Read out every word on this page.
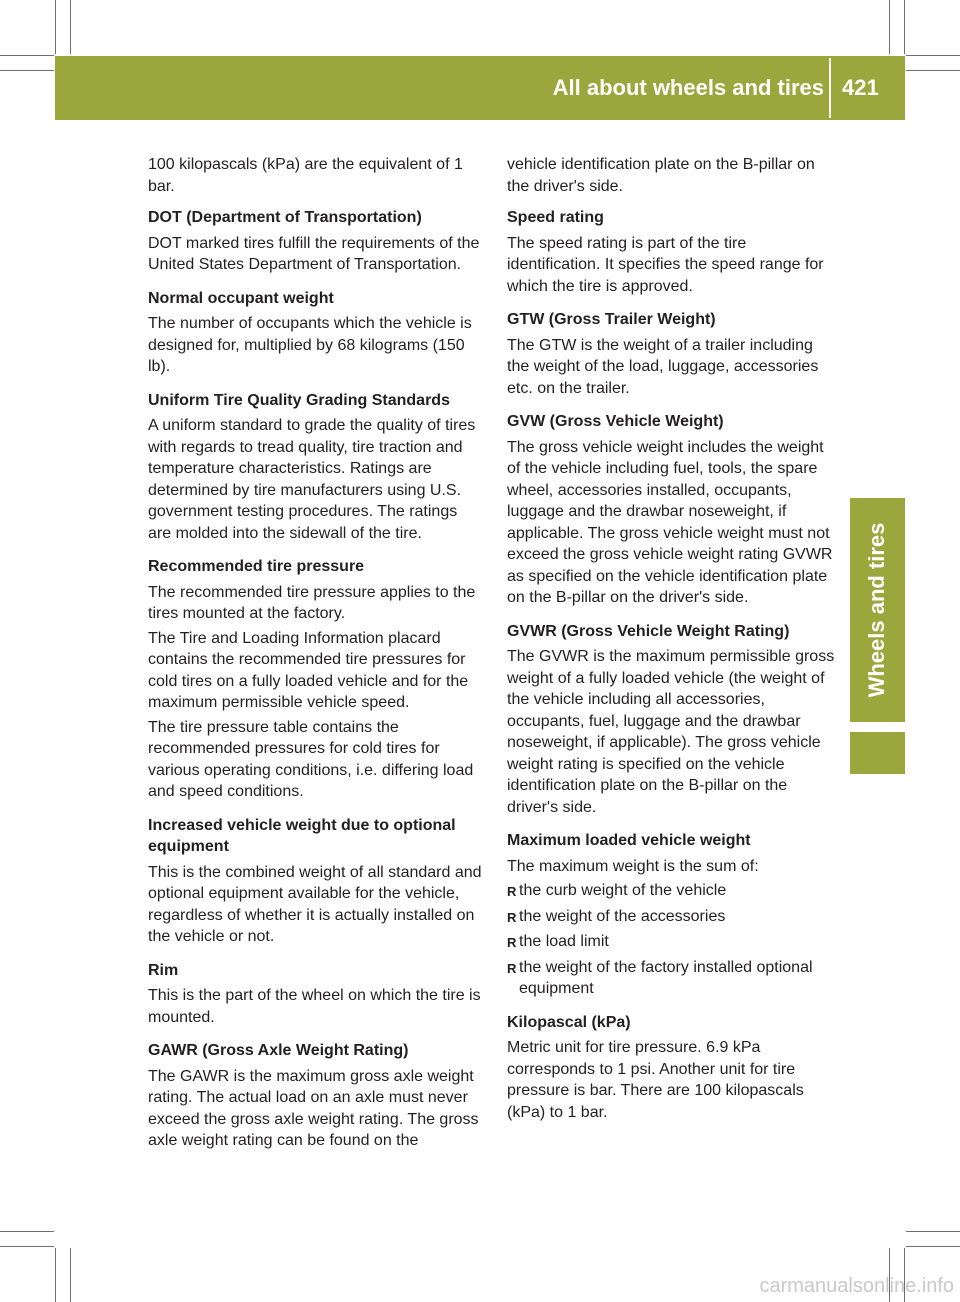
All about wheels and tires 421
Wheels and tires

100 kilopascals (kPa) are the equivalent of 1 bar.

DOT (Department of Transportation)

DOT marked tires fulfill the requirements of the United States Department of Transportation.

Normal occupant weight

The number of occupants which the vehicle is designed for, multiplied by 68 kilograms (150 lb).

Uniform Tire Quality Grading Standards

A uniform standard to grade the quality of tires with regards to tread quality, tire traction and temperature characteristics. Ratings are determined by tire manufacturers using U.S. government testing procedures. The ratings are molded into the sidewall of the tire.

Recommended tire pressure

The recommended tire pressure applies to the tires mounted at the factory.

The Tire and Loading Information placard contains the recommended tire pressures for cold tires on a fully loaded vehicle and for the maximum permissible vehicle speed.

The tire pressure table contains the recommended pressures for cold tires for various operating conditions, i.e. differing load and speed conditions.

Increased vehicle weight due to optional equipment

This is the combined weight of all standard and optional equipment available for the vehicle, regardless of whether it is actually installed on the vehicle or not.

Rim

This is the part of the wheel on which the tire is mounted.

GAWR (Gross Axle Weight Rating)

The GAWR is the maximum gross axle weight rating. The actual load on an axle must never exceed the gross axle weight rating. The gross axle weight rating can be found on the

vehicle identification plate on the B-pillar on the driver's side.

Speed rating

The speed rating is part of the tire identification. It specifies the speed range for which the tire is approved.

GTW (Gross Trailer Weight)

The GTW is the weight of a trailer including the weight of the load, luggage, accessories etc. on the trailer.

GVW (Gross Vehicle Weight)

The gross vehicle weight includes the weight of the vehicle including fuel, tools, the spare wheel, accessories installed, occupants, luggage and the drawbar noseweight, if applicable. The gross vehicle weight must not exceed the gross vehicle weight rating GVWR as specified on the vehicle identification plate on the B-pillar on the driver's side.

GVWR (Gross Vehicle Weight Rating)

The GVWR is the maximum permissible gross weight of a fully loaded vehicle (the weight of the vehicle including all accessories, occupants, fuel, luggage and the drawbar noseweight, if applicable). The gross vehicle weight rating is specified on the vehicle identification plate on the B-pillar on the driver's side.

Maximum loaded vehicle weight

The maximum weight is the sum of:

R the curb weight of the vehicle
R the weight of the accessories
R the load limit
R the weight of the factory installed optional equipment
Kilopascal (kPa)

Metric unit for tire pressure. 6.9 kPa corresponds to 1 psi. Another unit for tire pressure is bar. There are 100 kilopascals (kPa) to 1 bar.

carmanualsonline.info
